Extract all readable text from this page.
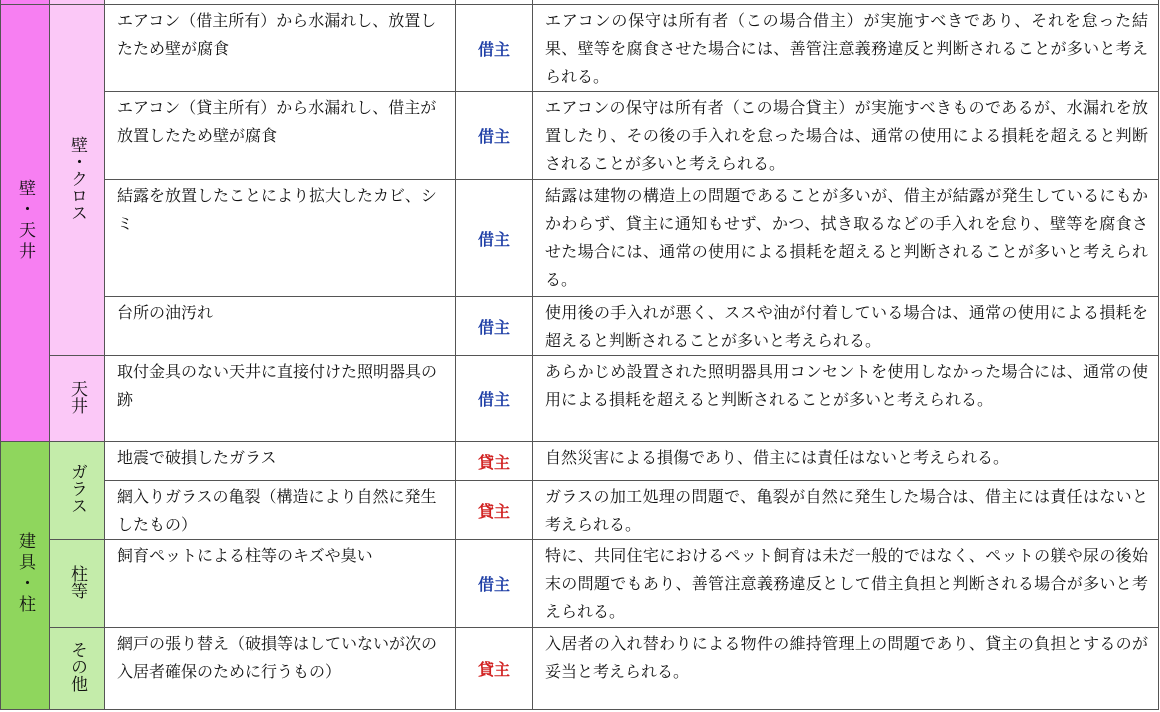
壁・天井	壁・クロス	エアコン（借主所有）から水漏れし、放置したため壁が腐食	借主	エアコンの保守は所有者（この場合借主）が実施すべきであり、それを怠った結果、壁等を腐食させた場合には、善管注意義務違反と判断されることが多いと考えられる。
		エアコン（貸主所有）から水漏れし、借主が放置したため壁が腐食	借主	エアコンの保守は所有者（この場合貸主）が実施すべきものであるが、水漏れを放置したり、その後の手入れを怠った場合は、通常の使用による損耗を超えると判断されることが多いと考えられる。
		結露を放置したことにより拡大したカビ、シミ	借主	結露は建物の構造上の問題であることが多いが、借主が結露が発生しているにもかかわらず、貸主に通知もせず、かつ、拭き取るなどの手入れを怠り、壁等を腐食させた場合には、通常の使用による損耗を超えると判断されることが多いと考えられる。
		台所の油汚れ	借主	使用後の手入れが悪く、ススや油が付着している場合は、通常の使用による損耗を超えると判断されることが多いと考えられる。
	天井	取付金具のない天井に直接付けた照明器具の跡	借主	あらかじめ設置された照明器具用コンセントを使用しなかった場合には、通常の使用による損耗を超えると判断されることが多いと考えられる。
建具・柱	ガラス	地震で破損したガラス	貸主	自然災害による損傷であり、借主には責任はないと考えられる。
		網入りガラスの亀裂（構造により自然に発生したもの）	貸主	ガラスの加工処理の問題で、亀裂が自然に発生した場合は、借主には責任はないと考えられる。
	柱等	飼育ペットによる柱等のキズや臭い	借主	特に、共同住宅におけるペット飼育は未だ一般的ではなく、ペットの躾や尿の後始末の問題でもあり、善管注意義務違反として借主負担と判断される場合が多いと考えられる。
	その他	網戸の張り替え（破損等はしていないが次の入居者確保のために行うもの）	貸主	入居者の入れ替わりによる物件の維持管理上の問題であり、貸主の負担とするのが妥当と考えられる。
